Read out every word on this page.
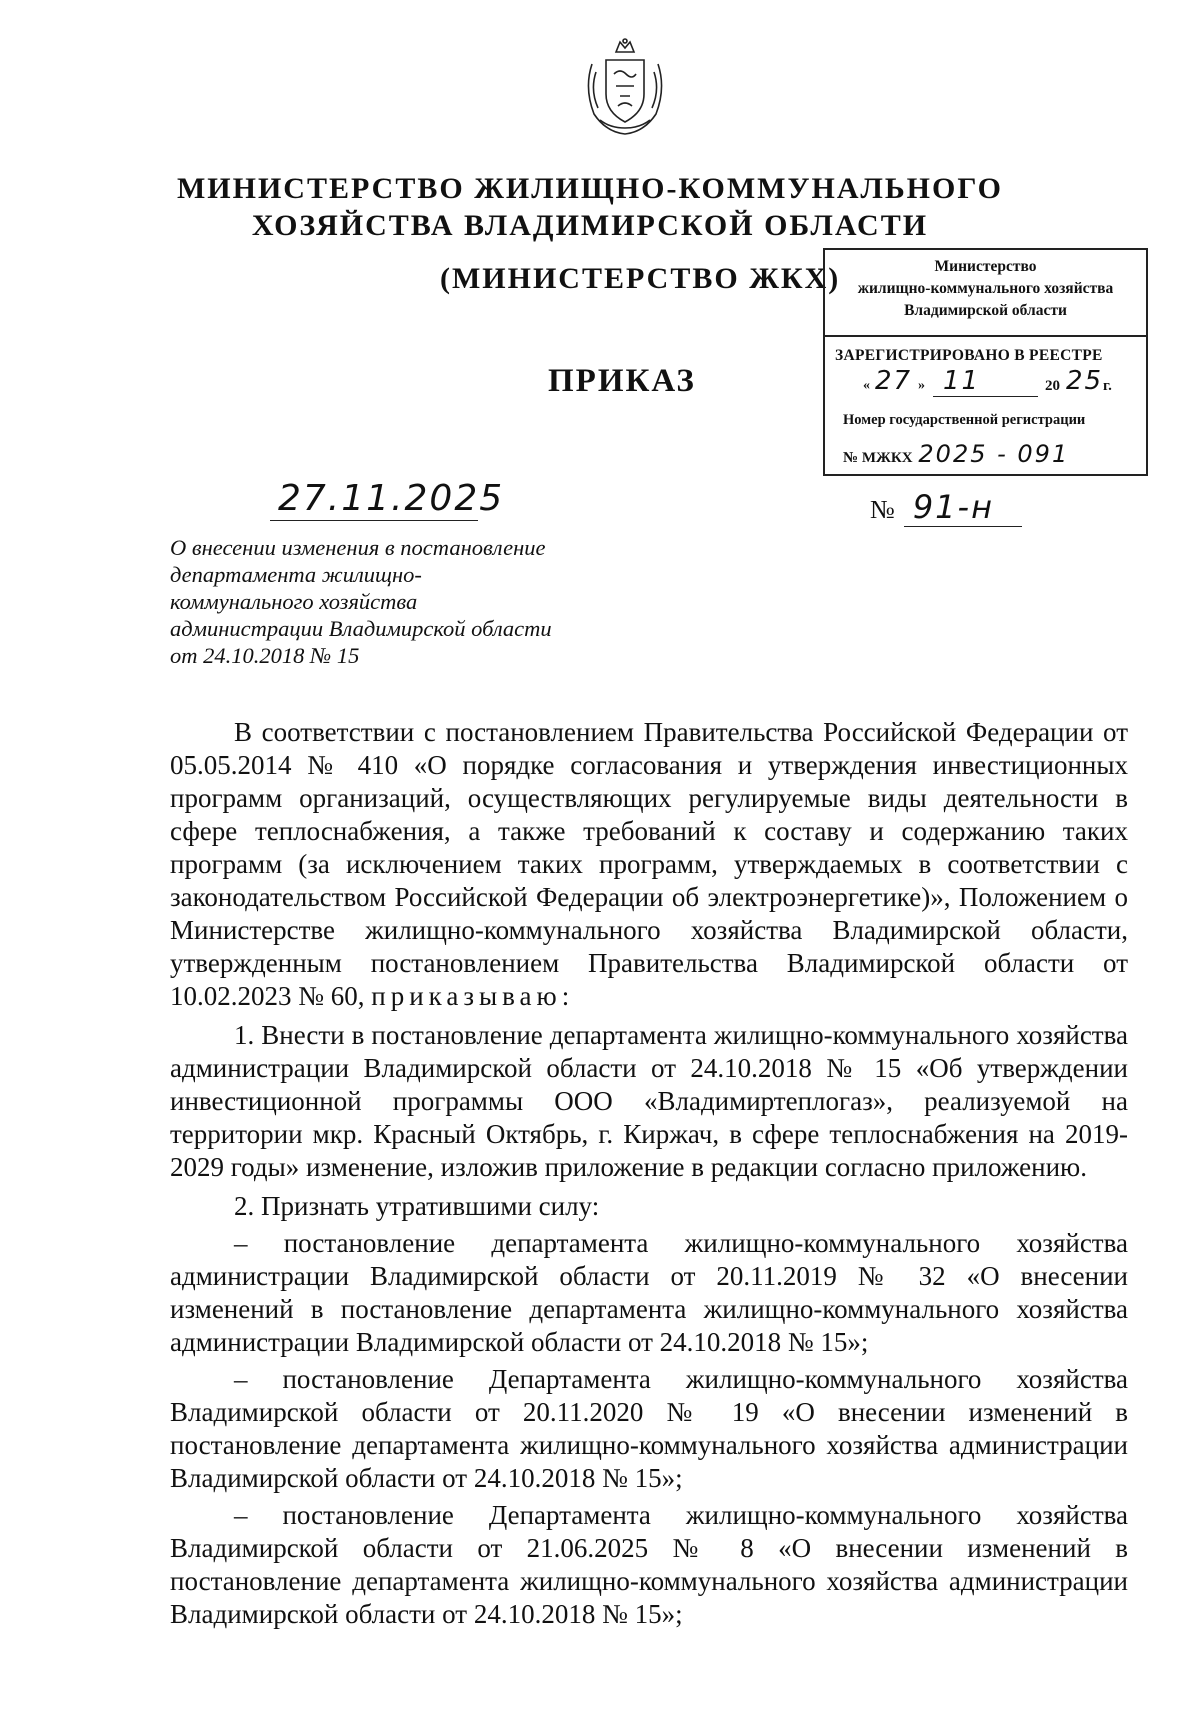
МИНИСТЕРСТВО ЖИЛИЩНО-КОММУНАЛЬНОГО
ХОЗЯЙСТВА ВЛАДИМИРСКОЙ ОБЛАСТИ
(МИНИСТЕРСТВО ЖКХ)
ПРИКАЗ
Министерство
жилищно-коммунального хозяйства
Владимирской области
ЗАРЕГИСТРИРОВАНО В РЕЕСТРЕ
« 27 » 11	20 25 г.
Номер государственной регистрации
№ МЖКХ 2025 - 091
27.11.2025	№ 91-н
О внесении изменения в постановление
департамента жилищно-
коммунального хозяйства
администрации Владимирской области
от 24.10.2018 № 15

В соответствии с постановлением Правительства Российской Федерации от 05.05.2014 № 410 «О порядке согласования и утверждения инвестиционных программ организаций, осуществляющих регулируемые виды деятельности в сфере теплоснабжения, а также требований к составу и содержанию таких программ (за исключением таких программ, утверждаемых в соответствии с законодательством Российской Федерации об электроэнергетике)», Положением о Министерстве жилищно-коммунального хозяйства Владимирской области, утвержденным постановлением Правительства Владимирской области от 10.02.2023 № 60, приказываю:

1. Внести в постановление департамента жилищно-коммунального хозяйства администрации Владимирской области от 24.10.2018 № 15 «Об утверждении инвестиционной программы ООО «Владимиртеплогаз», реализуемой на территории мкр. Красный Октябрь, г. Киржач, в сфере теплоснабжения на 2019-2029 годы» изменение, изложив приложение в редакции согласно приложению.

2. Признать утратившими силу:

– постановление департамента жилищно-коммунального хозяйства администрации Владимирской области от 20.11.2019 № 32 «О внесении изменений в постановление департамента жилищно-коммунального хозяйства администрации Владимирской области от 24.10.2018 № 15»;

– постановление Департамента жилищно-коммунального хозяйства Владимирской области от 20.11.2020 № 19 «О внесении изменений в постановление департамента жилищно-коммунального хозяйства администрации Владимирской области от 24.10.2018 № 15»;

– постановление Департамента жилищно-коммунального хозяйства Владимирской области от 21.06.2025 № 8 «О внесении изменений в постановление департамента жилищно-коммунального хозяйства администрации Владимирской области от 24.10.2018 № 15»;
